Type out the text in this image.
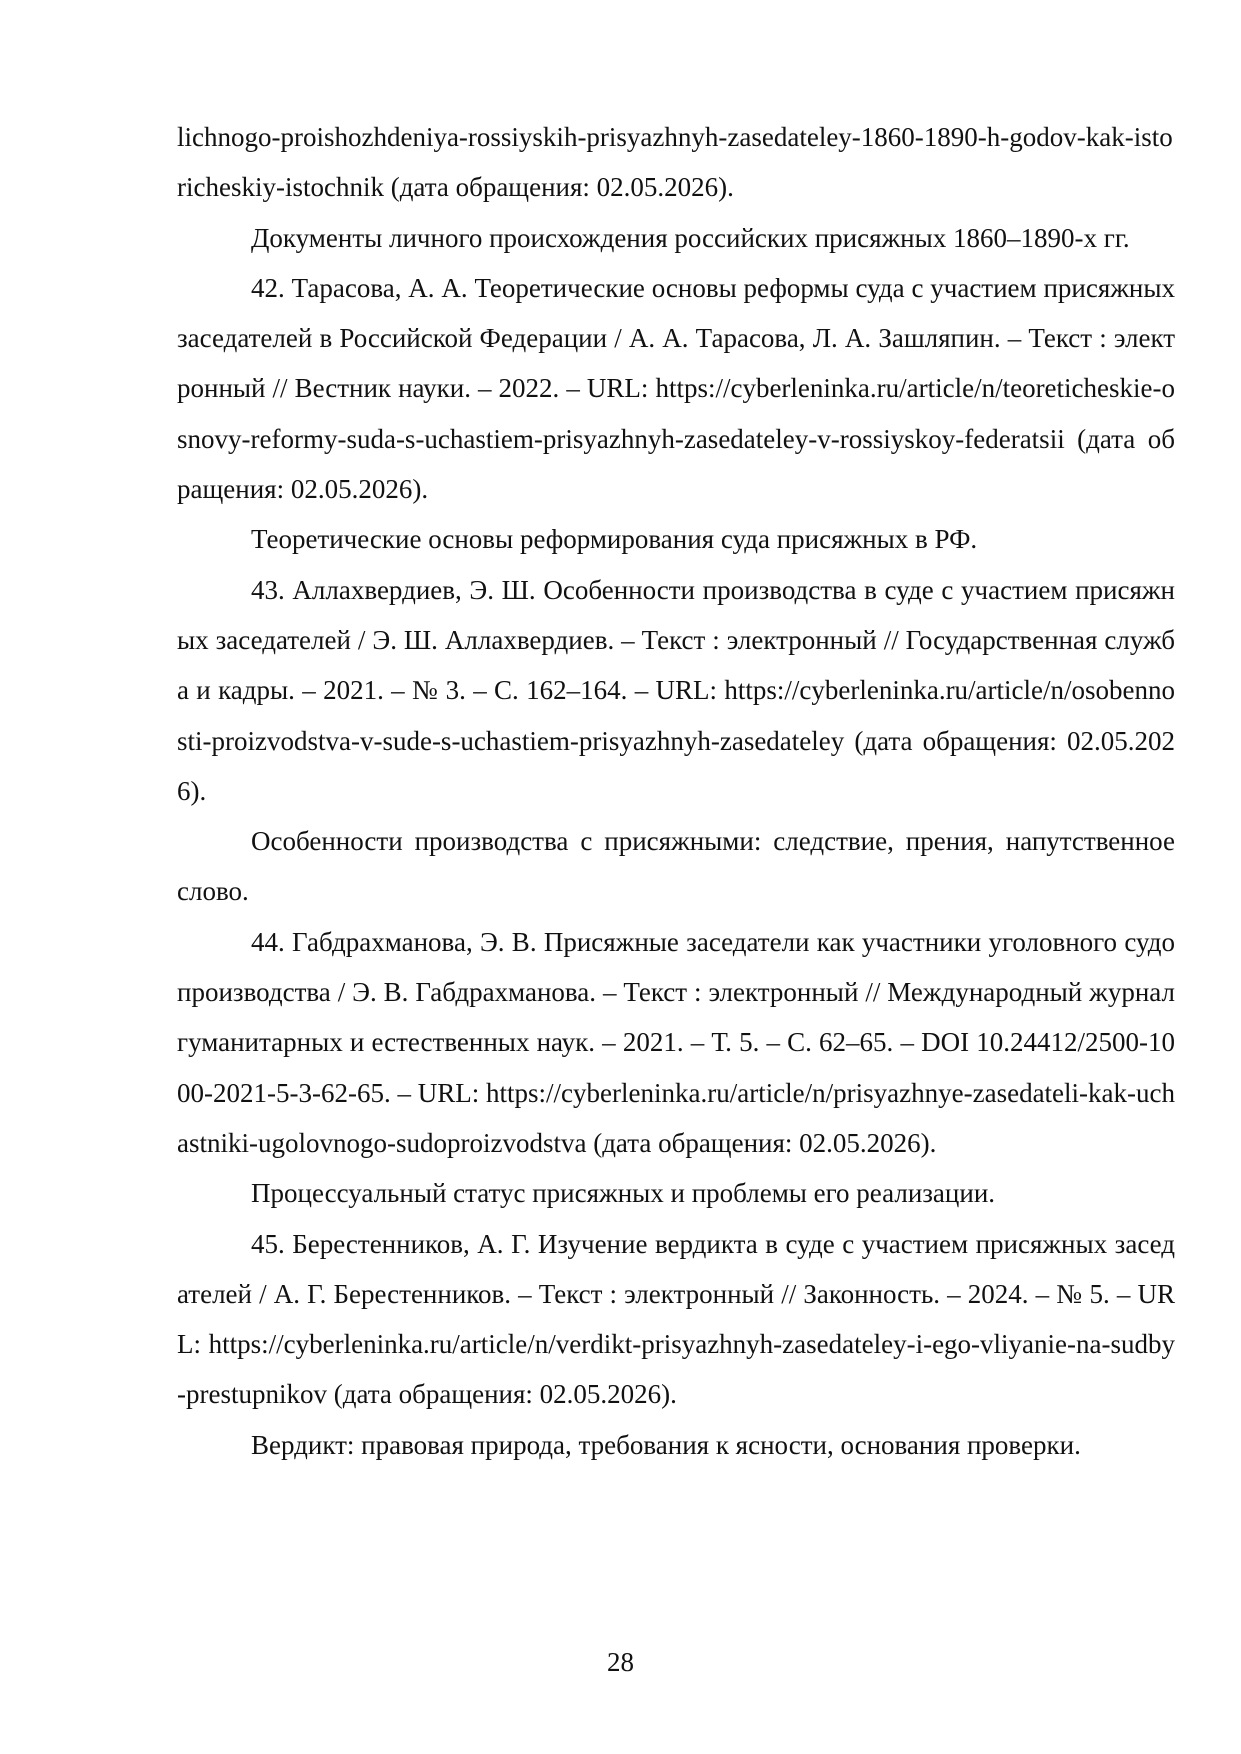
lichnogo-proishozhdeniya-rossiyskih-prisyazhnyh-zasedateley-1860-1890-h-godov-kak-istoricheskiy-istochnik (дата обращения: 02.05.2026).

Документы личного происхождения российских присяжных 1860–1890-х гг.

42. Тарасова, А. А. Теоретические основы реформы суда с участием присяжных заседателей в Российской Федерации / А. А. Тарасова, Л. А. Зашляпин. – Текст : электронный // Вестник науки. – 2022. – URL: https://cyberleninka.ru/article/n/teoreticheskie-osnovy-reformy-suda-s-uchastiem-prisyazhnyh-zasedateley-v-rossiyskoy-federatsii (дата обращения: 02.05.2026).

Теоретические основы реформирования суда присяжных в РФ.

43. Аллахвердиев, Э. Ш. Особенности производства в суде с участием присяжных заседателей / Э. Ш. Аллахвердиев. – Текст : электронный // Государственная служба и кадры. – 2021. – № 3. – С. 162–164. – URL: https://cyberleninka.ru/article/n/osobennosti-proizvodstva-v-sude-s-uchastiem-prisyazhnyh-zasedateley (дата обращения: 02.05.2026).

Особенности производства с присяжными: следствие, прения, напутственное слово.

44. Габдрахманова, Э. В. Присяжные заседатели как участники уголовного судопроизводства / Э. В. Габдрахманова. – Текст : электронный // Международный журнал гуманитарных и естественных наук. – 2021. – Т. 5. – С. 62–65. – DOI 10.24412/2500-1000-2021-5-3-62-65. – URL: https://cyberleninka.ru/article/n/prisyazhnye-zasedateli-kak-uchastniki-ugolovnogo-sudoproizvodstva (дата обращения: 02.05.2026).

Процессуальный статус присяжных и проблемы его реализации.

45. Берестенников, А. Г. Изучение вердикта в суде с участием присяжных заседателей / А. Г. Берестенников. – Текст : электронный // Законность. – 2024. – № 5. – URL: https://cyberleninka.ru/article/n/verdikt-prisyazhnyh-zasedateley-i-ego-vliyanie-na-sudby-prestupnikov (дата обращения: 02.05.2026).

Вердикт: правовая природа, требования к ясности, основания проверки.

28
